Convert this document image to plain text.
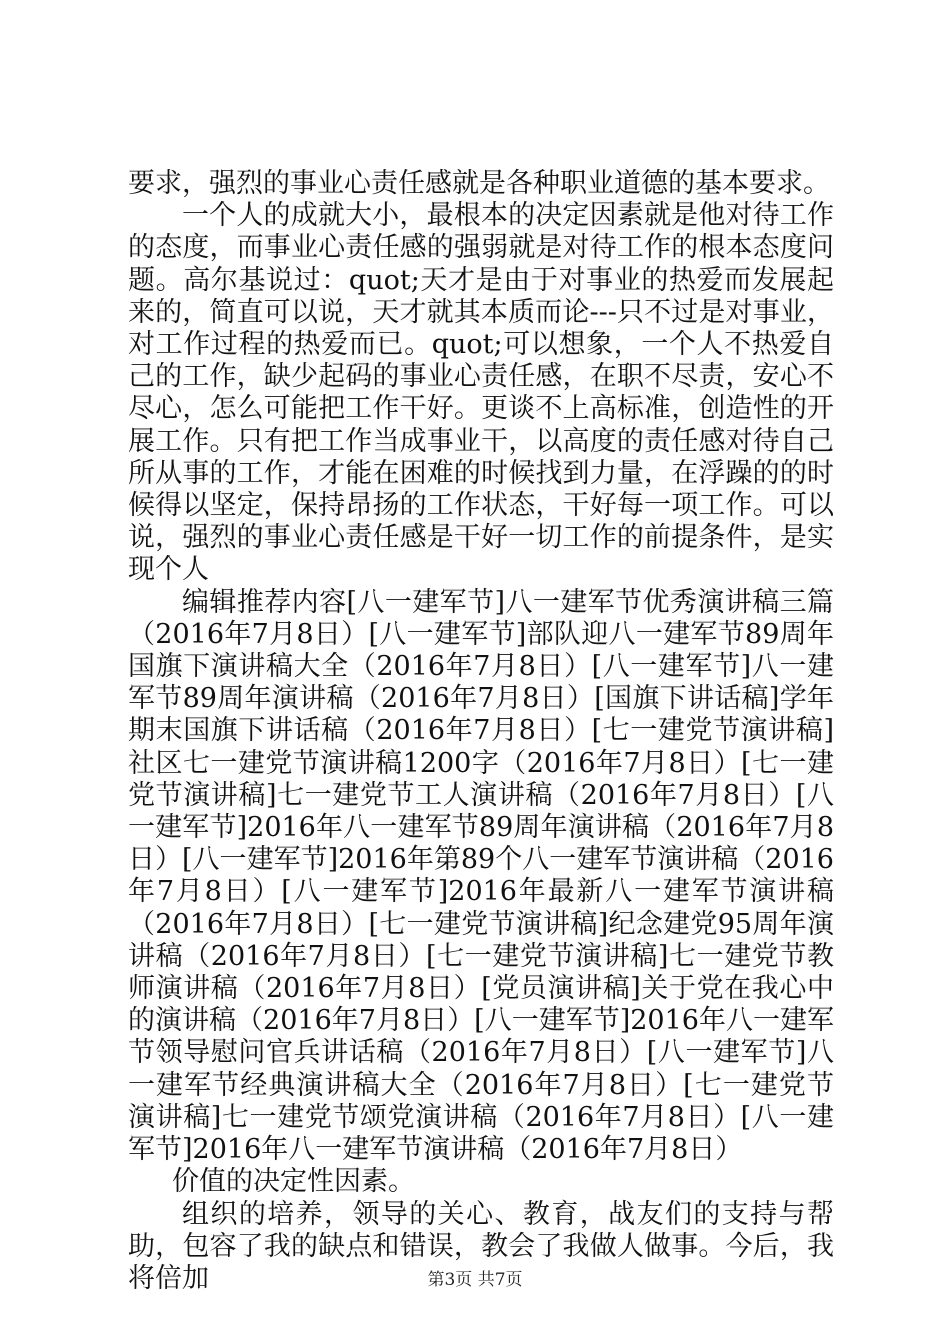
要求，强烈的事业心责任感就是各种职业道德的基本要求。

一个人的成就大小，最根本的决定因素就是他对待工作的态度，而事业心责任感的强弱就是对待工作的根本态度问题。高尔基说过：quot;天才是由于对事业的热爱而发展起来的，简直可以说，天才就其本质而论---只不过是对事业，对工作过程的热爱而已。quot;可以想象，一个人不热爱自己的工作，缺少起码的事业心责任感，在职不尽责，安心不尽心，怎么可能把工作干好。更谈不上高标准，创造性的开展工作。只有把工作当成事业干，以高度的责任感对待自己所从事的工作，才能在困难的时候找到力量，在浮躁的的时候得以坚定，保持昂扬的工作状态，干好每一项工作。可以说，强烈的事业心责任感是干好一切工作的前提条件，是实现个人

编辑推荐内容[八一建军节]八一建军节优秀演讲稿三篇（2016年7月8日）[八一建军节]部队迎八一建军节89周年国旗下演讲稿大全（2016年7月8日）[八一建军节]八一建军节89周年演讲稿（2016年7月8日）[国旗下讲话稿]学年期末国旗下讲话稿（2016年7月8日）[七一建党节演讲稿]社区七一建党节演讲稿1200字（2016年7月8日）[七一建党节演讲稿]七一建党节工人演讲稿（2016年7月8日）[八一建军节]2016年八一建军节89周年演讲稿（2016年7月8日）[八一建军节]2016年第89个八一建军节演讲稿（2016年7月8日）[八一建军节]2016年最新八一建军节演讲稿（2016年7月8日）[七一建党节演讲稿]纪念建党95周年演讲稿（2016年7月8日）[七一建党节演讲稿]七一建党节教师演讲稿（2016年7月8日）[党员演讲稿]关于党在我心中的演讲稿（2016年7月8日）[八一建军节]2016年八一建军节领导慰问官兵讲话稿（2016年7月8日）[八一建军节]八一建军节经典演讲稿大全（2016年7月8日）[七一建党节演讲稿]七一建党节颂党演讲稿（2016年7月8日）[八一建军节]2016年八一建军节演讲稿（2016年7月8日）

价值的决定性因素。

组织的培养，领导的关心、教育，战友们的支持与帮助，包容了我的缺点和错误，教会了我做人做事。今后，我将倍加	第3页 共7页
